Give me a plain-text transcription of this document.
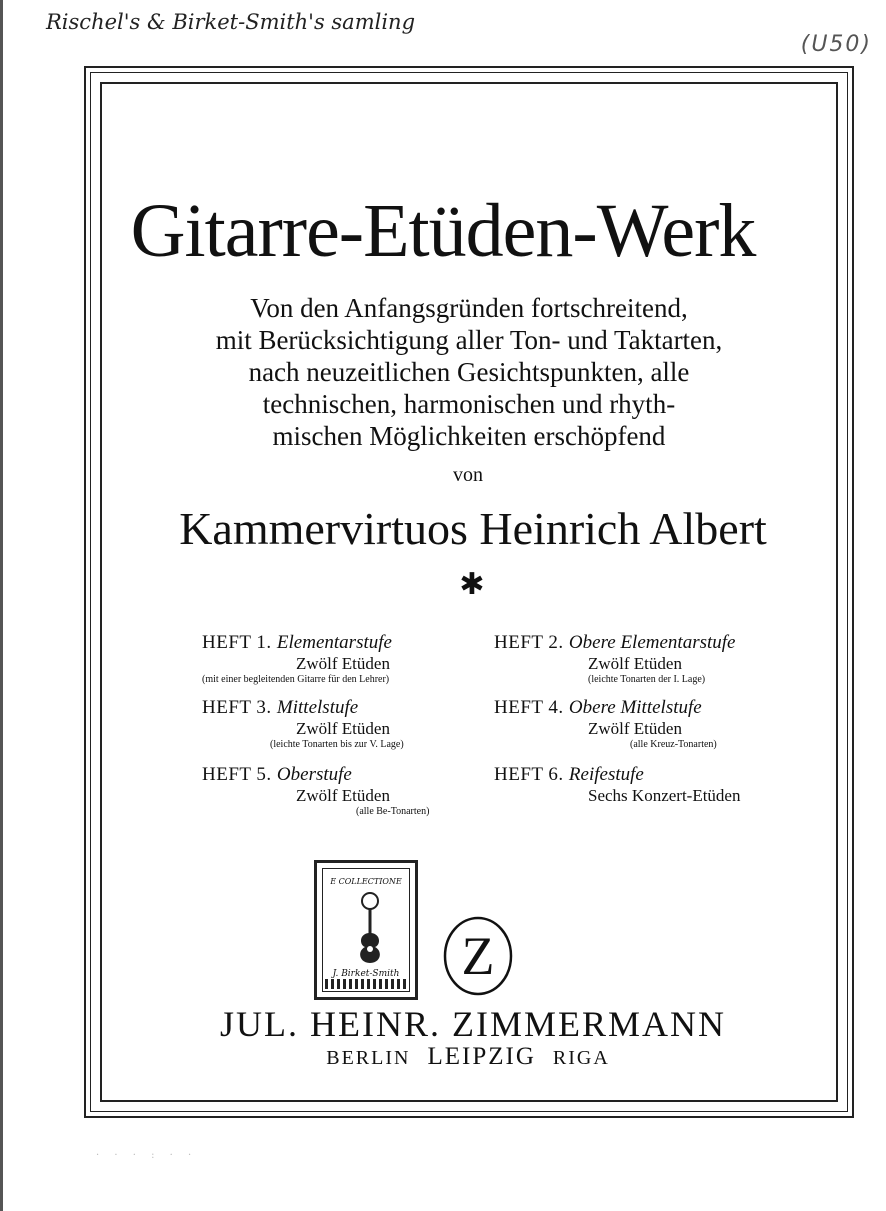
Rischel's & Birket-Smith's samling
(U50)
Gitarre-Etüden-Werk
Von den Anfangsgründen fortschreitend,
mit Berücksichtigung aller Ton- und Taktarten,
nach neuzeitlichen Gesichtspunkten, alle
technischen, harmonischen und rhyth-
mischen Möglichkeiten erschöpfend
von
Kammervirtuos Heinrich Albert
✱
HEFT 1. Elementarstufe
Zwölf Etüden
(mit einer begleitenden Gitarre für den Lehrer)
HEFT 2. Obere Elementarstufe
Zwölf Etüden
(leichte Tonarten der I. Lage)
HEFT 3. Mittelstufe
Zwölf Etüden
(leichte Tonarten bis zur V. Lage)
HEFT 4. Obere Mittelstufe
Zwölf Etüden
(alle Kreuz-Tonarten)
HEFT 5. Oberstufe
Zwölf Etüden
(alle Be-Tonarten)
HEFT 6. Reifestufe
Sechs Konzert-Etüden
E COLLECTIONE
J. Birket-Smith Z
JUL. HEINR. ZIMMERMANN
BERLIN LEIPZIG RIGA
· · · : · ·
